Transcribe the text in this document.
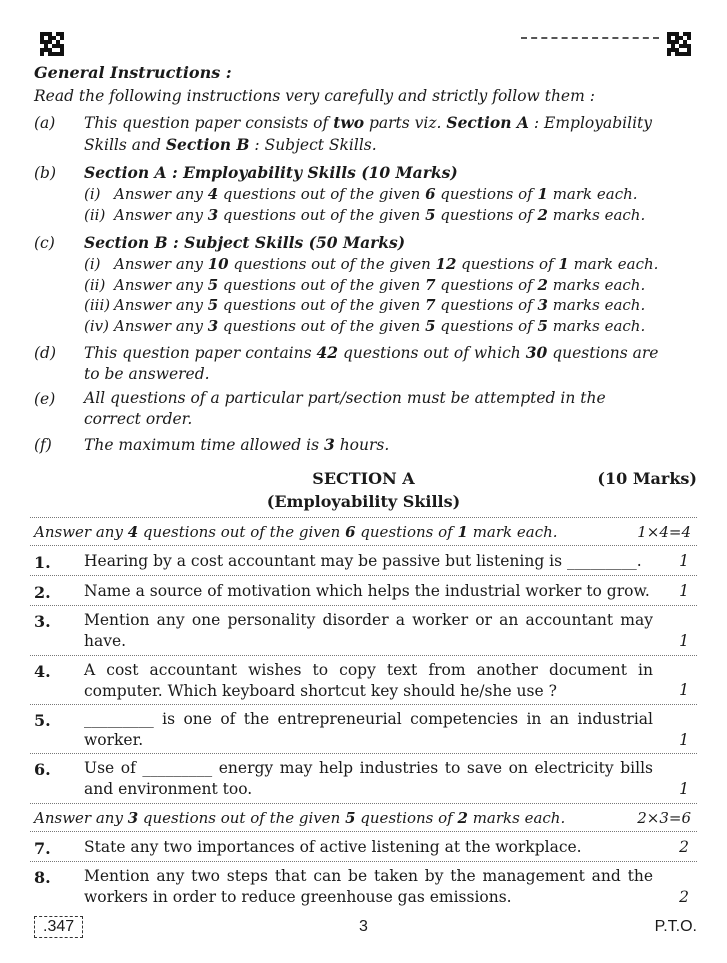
General Instructions :
Read the following instructions very carefully and strictly follow them :
(a) This question paper consists of two parts viz. Section A : Employability Skills and Section B : Subject Skills.
(b) Section A : Employability Skills (10 Marks)
(i) Answer any 4 questions out of the given 6 questions of 1 mark each.
(ii) Answer any 3 questions out of the given 5 questions of 2 marks each.
(c) Section B : Subject Skills (50 Marks)
(i) Answer any 10 questions out of the given 12 questions of 1 mark each.
(ii) Answer any 5 questions out of the given 7 questions of 2 marks each.
(iii) Answer any 5 questions out of the given 7 questions of 3 marks each.
(iv) Answer any 3 questions out of the given 5 questions of 5 marks each.
(d) This question paper contains 42 questions out of which 30 questions are to be answered.
(e) All questions of a particular part/section must be attempted in the correct order.
(f) The maximum time allowed is 3 hours.
SECTION A	(10 Marks)
(Employability Skills)
Answer any 4 questions out of the given 6 questions of 1 mark each.	1×4=4
1. Hearing by a cost accountant may be passive but listening is _________.	1
2. Name a source of motivation which helps the industrial worker to grow. 1
3. Mention any one personality disorder a worker or an accountant may have.	1
4. A cost accountant wishes to copy text from another document in computer. Which keyboard shortcut key should he/she use ?	1
5. _________ is one of the entrepreneurial competencies in an industrial worker.	1
6. Use of _________ energy may help industries to save on electricity bills and environment too.	1
Answer any 3 questions out of the given 5 questions of 2 marks each.	2×3=6
7. State any two importances of active listening at the workplace.	2
8. Mention any two steps that can be taken by the management and the workers in order to reduce greenhouse gas emissions.	2
.347	3	P.T.O.
